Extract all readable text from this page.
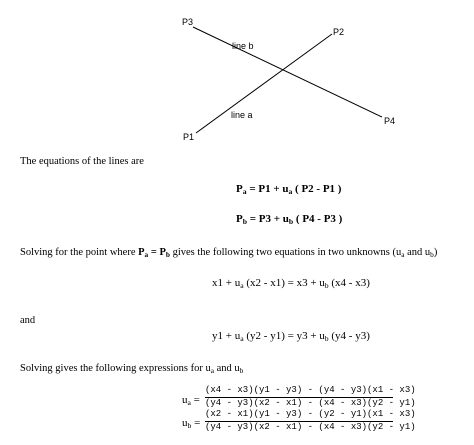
P3
P2
P4
P1
line b
line a
The equations of the lines are
$P_a = P1 + u_a$ ( P2 - P1 )
$P_b = P3 + u_b$ ( P4 - P3 )
Solving for the point where $P_a = P_b$ gives the following two equations in two unknowns ($u_a$ and $u_b$)
$x1 + u_a$ $(x2 - x1) = x3 + u_b$ (x4 - x3)
and
$y1 + u_a$ $(y2 - y1) = y3 + u_b$ (y4 - y3)
Solving gives the following expressions for $u_a$ and $u_b$
$u_a$ =
(x4 - x3)(y1 - y3) - (y4 - y3)(x1 - x3)
(y4 - y3)(x2 - x1) - (x4 - x3)(y2 - y1)
$u_b$ =
(x2 - x1)(y1 - y3) - (y2 - y1)(x1 - x3)
(y4 - y3)(x2 - x1) - (x4 - x3)(y2 - y1)
